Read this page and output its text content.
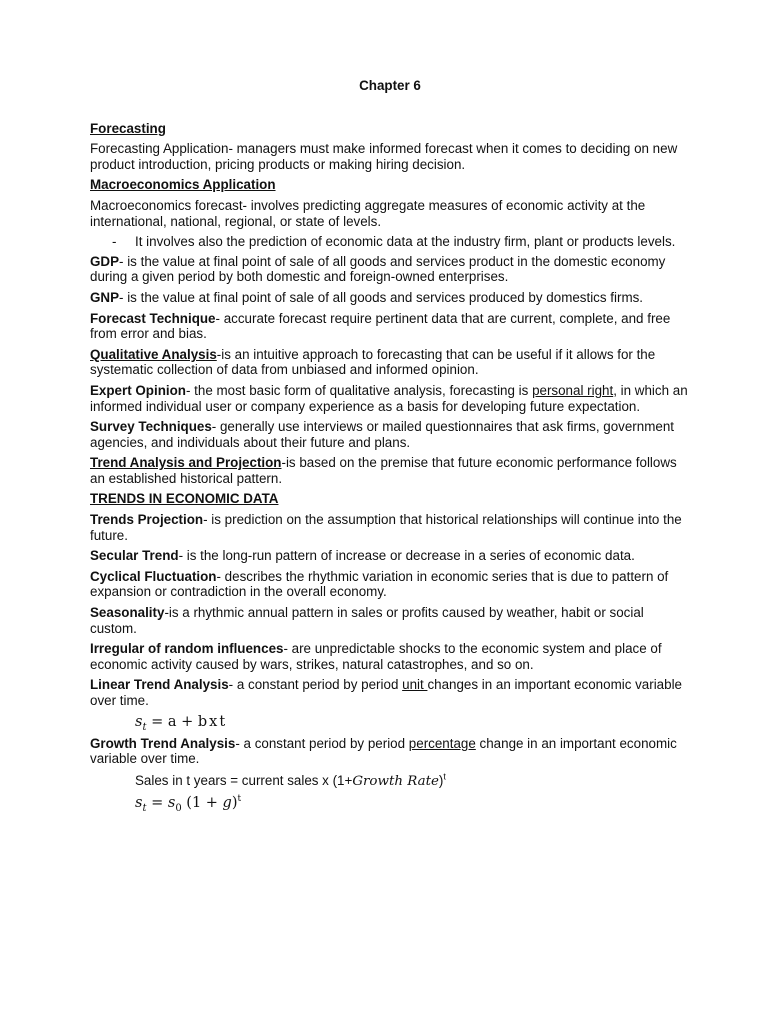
Chapter 6

Forecasting

Forecasting Application- managers must make informed forecast when it comes to deciding on new product introduction, pricing products or making hiring decision.

Macroeconomics Application

Macroeconomics forecast- involves predicting aggregate measures of economic activity at the international, national, regional, or state of levels.

- It involves also the prediction of economic data at the industry firm, plant or products levels.

GDP- is the value at final point of sale of all goods and services product in the domestic economy during a given period by both domestic and foreign-owned enterprises.

GNP- is the value at final point of sale of all goods and services produced by domestics firms.

Forecast Technique- accurate forecast require pertinent data that are current, complete, and free from error and bias.

Qualitative Analysis-is an intuitive approach to forecasting that can be useful if it allows for the systematic collection of data from unbiased and informed opinion.

Expert Opinion- the most basic form of qualitative analysis, forecasting is personal right, in which an informed individual user or company experience as a basis for developing future expectation.

Survey Techniques- generally use interviews or mailed questionnaires that ask firms, government agencies, and individuals about their future and plans.

Trend Analysis and Projection-is based on the premise that future economic performance follows an established historical pattern.

TRENDS IN ECONOMIC DATA

Trends Projection- is prediction on the assumption that historical relationships will continue into the future.

Secular Trend- is the long-run pattern of increase or decrease in a series of economic data.

Cyclical Fluctuation- describes the rhythmic variation in economic series that is due to pattern of expansion or contradiction in the overall economy.

Seasonality-is a rhythmic annual pattern in sales or profits caused by weather, habit or social custom.

Irregular of random influences- are unpredictable shocks to the economic system and place of economic activity caused by wars, strikes, natural catastrophes, and so on.

Linear Trend Analysis- a constant period by period unit changes in an important economic variable over time.

$s_t = a + b$ x t

Growth Trend Analysis- a constant period by period percentage change in an important economic variable over time.

Sales in t years = current sales x (1+Growth Rate)$^t$
$s_t = s_0$ $(1 + g)^t$
